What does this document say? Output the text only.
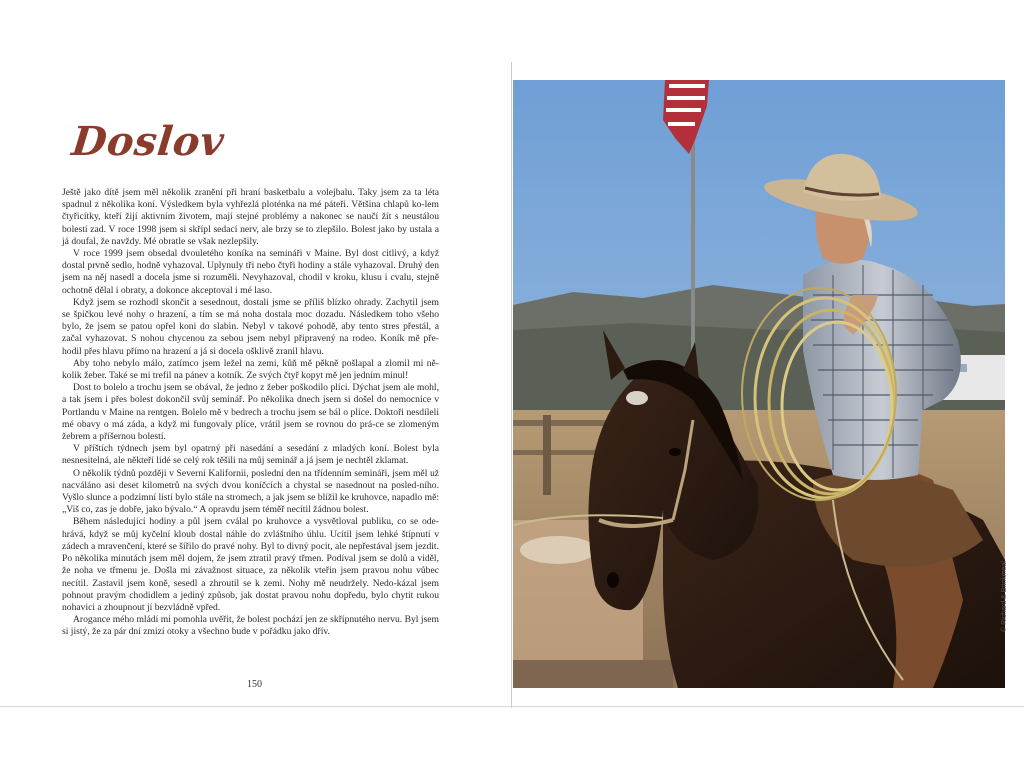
Doslov

Ještě jako dítě jsem měl několik zranění při hraní basketbalu a volejbalu. Taky jsem za ta léta spadnul z několika koní. Výsledkem byla vyhřezlá ploténka na mé páteři. Většina chlapů ko-lem čtyřicítky, kteří žijí aktivním životem, mají stejné problémy a nakonec se naučí žít s neustálou bolestí zad. V roce 1998 jsem si skřípl sedací nerv, ale brzy se to zlepšilo. Bolest jako by ustala a já doufal, že navždy. Mé obratle se však nezlepšily.

V roce 1999 jsem obsedal dvouletého koníka na semináři v Maine. Byl dost citlivý, a když dostal prvně sedlo, hodně vyhazoval. Uplynuly tři nebo čtyři hodiny a stále vyhazoval. Druhý den jsem na něj nasedl a docela jsme si rozuměli. Nevyhazoval, chodil v kroku, klusu i cvalu, stejně ochotně dělal i obraty, a dokonce akceptoval i mé laso.

Když jsem se rozhodl skončit a sesednout, dostali jsme se příliš blízko ohrady. Zachytil jsem se špičkou levé nohy o hrazení, a tím se má noha dostala moc dozadu. Následkem toho všeho bylo, že jsem se patou opřel koni do slabin. Nebyl v takové pohodě, aby tento stres přestál, a začal vyhazovat. S nohou chycenou za sebou jsem nebyl připravený na rodeo. Koník mě pře-hodil přes hlavu přímo na hrazení a já si docela ošklivě zranil hlavu.

Aby toho nebylo málo, zatímco jsem ležel na zemi, kůň mě pěkně pošlapal a zlomil mi ně-kolik žeber. Také se mi trefil na pánev a kotník. Ze svých čtyř kopyt mě jen jedním minul!

Dost to bolelo a trochu jsem se obával, že jedno z žeber poškodilo plíci. Dýchat jsem ale mohl, a tak jsem i přes bolest dokončil svůj seminář. Po několika dnech jsem si došel do nemocnice v Portlandu v Maine na rentgen. Bolelo mě v bedrech a trochu jsem se bál o plíce. Doktoři nesdíleli mé obavy o má záda, a když mi fungovaly plíce, vrátil jsem se rovnou do prá-ce se zlomeným žebrem a příšernou bolestí.

V příštích týdnech jsem byl opatrný při nasedání a sesedání z mladých koní. Bolest byla nesnesitelná, ale někteří lidé se celý rok těšili na můj seminář a já jsem je nechtěl zklamat.

O několik týdnů později v Severní Kalifornii, poslední den na třídenním semináři, jsem měl už nacváláno asi deset kilometrů na svých dvou koníčcích a chystal se nasednout na posled-ního. Vyšlo slunce a podzimní listí bylo stále na stromech, a jak jsem se blížil ke kruhovce, napadlo mě: „Viš co, zas je dobře, jako bývalo.“ A opravdu jsem téměř necítil žádnou bolest.

Během následující hodiny a půl jsem cválal po kruhovce a vysvětloval publiku, co se ode-hrává, když se můj kyčelní kloub dostal náhle do zvláštního úhlu. Ucítil jsem lehké štípnutí v zádech a mravenčení, které se šířilo do pravé nohy. Byl to divný pocit, ale nepřestával jsem jezdit. Po několika minutách jsem měl dojem, že jsem ztratil pravý třmen. Podíval jsem se dolů a viděl, že noha ve třmenu je. Došla mi závažnost situace, za několik vteřin jsem pravou nohu vůbec necítil. Zastavil jsem koně, sesedl a zhroutil se k zemi. Nohy mě neudržely. Nedo-kázal jsem pohnout pravým chodidlem a jediný způsob, jak dostat pravou nohu dopředu, bylo chytit rukou nohavici a zhoupnout jí bezvládně vpřed.

Arogance mého mládí mi pomohla uvěřit, že bolest pochází jen ze skřípnutého nervu. Byl jsem si jistý, že za pár dní zmizí otoky a všechno bude v pořádku jako dřív.

150
© Richard & Brinkmeal
